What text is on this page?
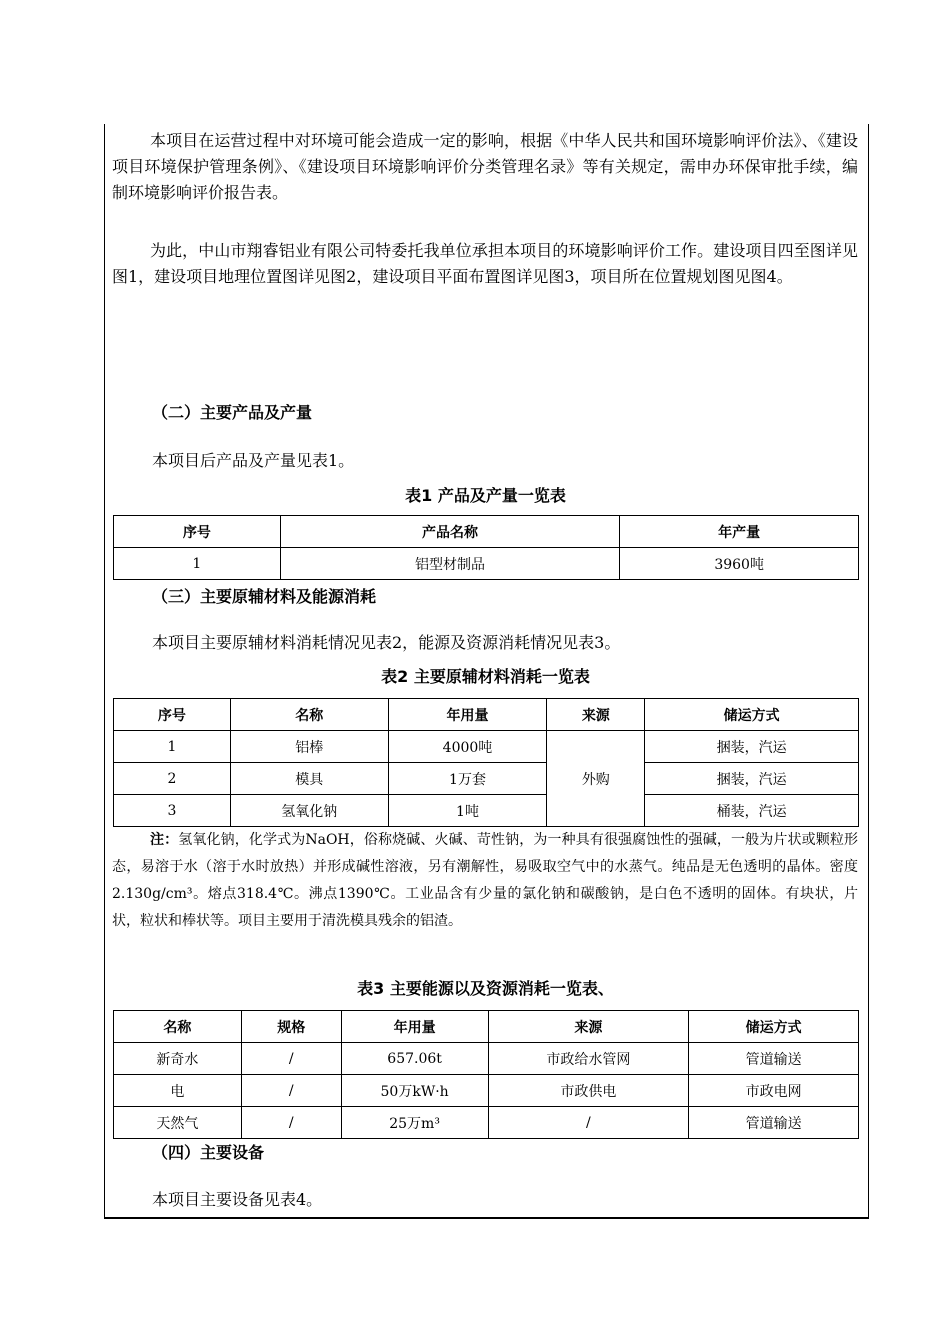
本项目在运营过程中对环境可能会造成一定的影响，根据《中华人民共和国环境影响评价法》、《建设项目环境保护管理条例》、《建设项目环境影响评价分类管理名录》等有关规定，需申办环保审批手续，编制环境影响评价报告表。
为此，中山市翔睿铝业有限公司特委托我单位承担本项目的环境影响评价工作。建设项目四至图详见图1，建设项目地理位置图详见图2，建设项目平面布置图详见图3，项目所在位置规划图见图4。
（二）主要产品及产量
本项目后产品及产量见表1。
表1 产品及产量一览表
序号	产品名称	年产量
1	铝型材制品	3960吨
（三）主要原辅材料及能源消耗
本项目主要原辅材料消耗情况见表2，能源及资源消耗情况见表3。
表2 主要原辅材料消耗一览表
序号	名称	年用量	来源	储运方式
1	铝棒	4000吨	外购	捆装，汽运
2	模具	1万套		捆装，汽运
3	氢氧化钠	1吨		桶装，汽运
注：氢氧化钠，化学式为NaOH，俗称烧碱、火碱、苛性钠，为一种具有很强腐蚀性的强碱，一般为片状或颗粒形态，易溶于水（溶于水时放热）并形成碱性溶液，另有潮解性，易吸取空气中的水蒸气。纯品是无色透明的晶体。密度2.130g/cm³。熔点318.4℃。沸点1390℃。工业品含有少量的氯化钠和碳酸钠，是白色不透明的固体。有块状，片状，粒状和棒状等。项目主要用于清洗模具残余的铝渣。
表3 主要能源以及资源消耗一览表、
名称	规格	年用量	来源	储运方式
新奇水	/	657.06t	市政给水管网	管道输送
电	/	50万kW·h	市政供电	市政电网
天然气	/	25万m³	/	管道输送
（四）主要设备
本项目主要设备见表4。
